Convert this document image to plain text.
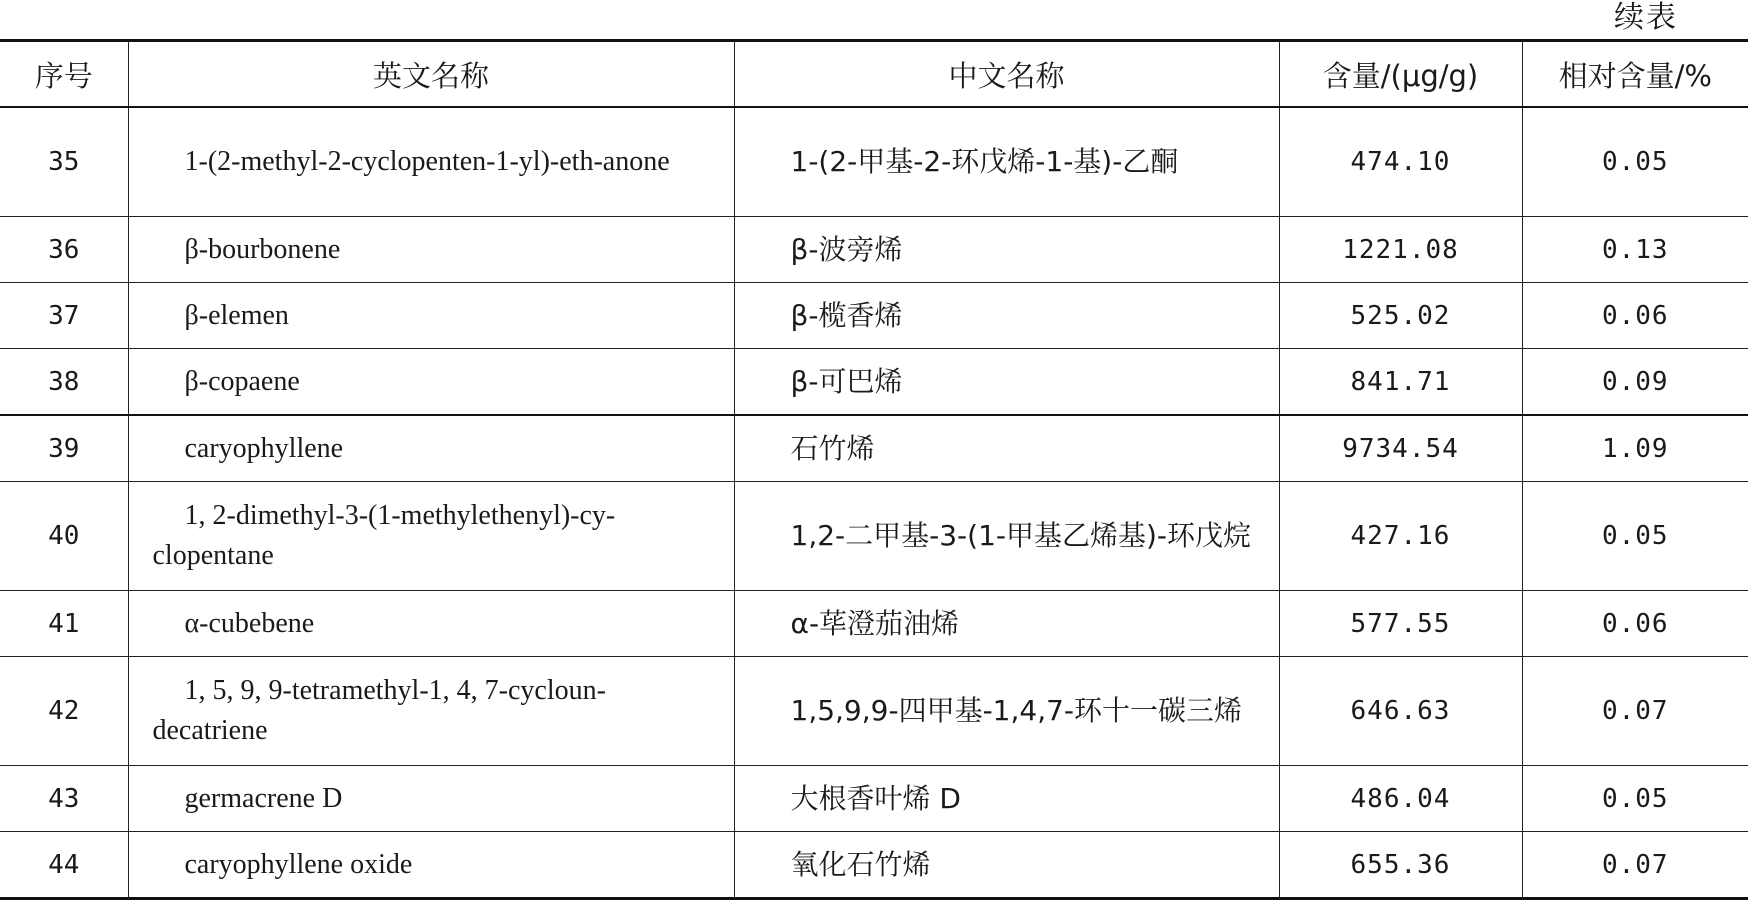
续表
序号	英文名称	中文名称	含量/(μg/g)	相对含量/%
35	1-(2-methyl-2-cyclopenten-1-yl)-eth-anone	1-(2-甲基-2-环戊烯-1-基)-乙酮	474.10	0.05
36	β-bourbonene	β-波旁烯	1221.08	0.13
37	β-elemen	β-榄香烯	525.02	0.06
38	β-copaene	β-可巴烯	841.71	0.09
39	caryophyllene	石竹烯	9734.54	1.09
40	1, 2-dimethyl-3-(1-methylethenyl)-cy-clopentane	1,2-二甲基-3-(1-甲基乙烯基)-环戊烷	427.16	0.05
41	α-cubebene	α-荜澄茄油烯	577.55	0.06
42	1, 5, 9, 9-tetramethyl-1, 4, 7-cycloun-decatriene	1,5,9,9-四甲基-1,4,7-环十一碳三烯	646.63	0.07
43	germacrene D	大根香叶烯 D	486.04	0.05
44	caryophyllene oxide	氧化石竹烯	655.36	0.07
